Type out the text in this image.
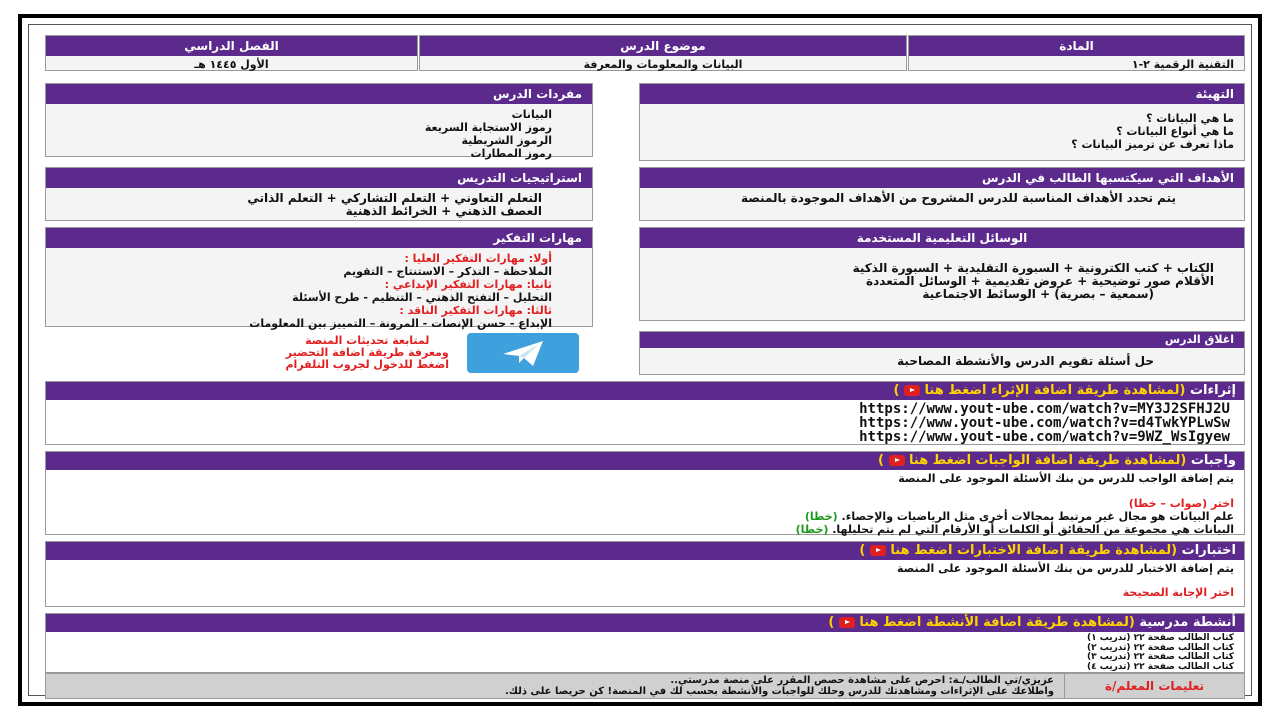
الفصل الدراسي
الأول ١٤٤٥ هـ
موضوع الدرس
البيانات والمعلومات والمعرفة
المادة
التقنية الرقمية ٢-١
مفردات الدرس
البيانات
رموز الاستجابة السريعة
الرموز الشريطية
رموز المطارات
استراتيجيات التدريس
التعلم التعاوني + التعلم التشاركي + التعلم الذاتي
العصف الذهني + الخرائط الذهنية
مهارات التفكير
أولا: مهارات التفكير العليا :
الملاحظة – التذكر – الاستنتاج – التقويم
ثانيا: مهارات التفكير الإبداعي :
التحليل – التفتح الذهني – التنظيم - طرح الأسئلة
ثالثا: مهارات التفكير الناقد :
الإبداع - حسن الإنصات - المرونة – التمييز بين المعلومات
لمتابعة تحديثات المنصة
ومعرفة طريقة اضافة التحضير
اضغط للدخول لجروب التلقرام
التهيئة
ما هي البيانات ؟
ما هي أنواع البيانات ؟
ماذا تعرف عن ترميز البيانات ؟
الأهداف التي سيكتسبها الطالب في الدرس
يتم تحدد الأهداف المناسبة للدرس المشروح من الأهداف الموجودة بالمنصة
الوسائل التعليمية المستخدمة
الكتاب + كتب الكترونية + السبورة التقليدية + السبورة الذكية
الأقلام صور توضيحية + عروض تقديمية + الوسائل المتعددة
(سمعية – بصرية) + الوسائط الاجتماعية
اغلاق الدرس
حل أسئلة تقويم الدرس والأنشطة المصاحبة
إثراءات (لمشاهدة طريقة اضافة الإثراء اضغط هنا  )
https://www.yout-ube.com/watch?v=MY3J2SFHJ2U
https://www.yout-ube.com/watch?v=d4TwkYPLwSw
https://www.yout-ube.com/watch?v=9WZ_WsIgyew
واجبات (لمشاهدة طريقة اضافة الواجبات اضغط هنا  )
يتم إضافة الواجب للدرس من بنك الأسئلة الموجود على المنصة
اختر (صواب – خطا)
علم البيانات هو مجال غير مرتبط بمجالات أخرى مثل الرياضيات والإحصاء. (خطا)
البيانات هي مجموعة من الحقائق أو الكلمات أو الأرقام التي لم يتم تحليلها. (خطا)
اختبارات (لمشاهدة طريقة اضافة الاختبارات اضغط هنا  )
يتم إضافة الاختبار للدرس من بنك الأسئلة الموجود على المنصة
اختر الإجابة الصحيحة
أنشطة مدرسية (لمشاهدة طريقة اضافة الأنشطة اضغط هنا  )
كتاب الطالب صفحة ٢٢ (تدريب ١)
كتاب الطالب صفحة ٢٢ (تدريب ٢)
كتاب الطالب صفحة ٢٢ (تدريب ٣)
كتاب الطالب صفحة ٢٢ (تدريب ٤)
تعليمات المعلم/ة
عزيزي/تي الطالب/ـة: احرص على مشاهدة حصص المقرر على منصة مدرستي..
واطلاعك على الإثراءات ومشاهدتك للدرس وحلك للواجبات والأنشطة بحسب لك في المنصة! كن حريصا على ذلك.
